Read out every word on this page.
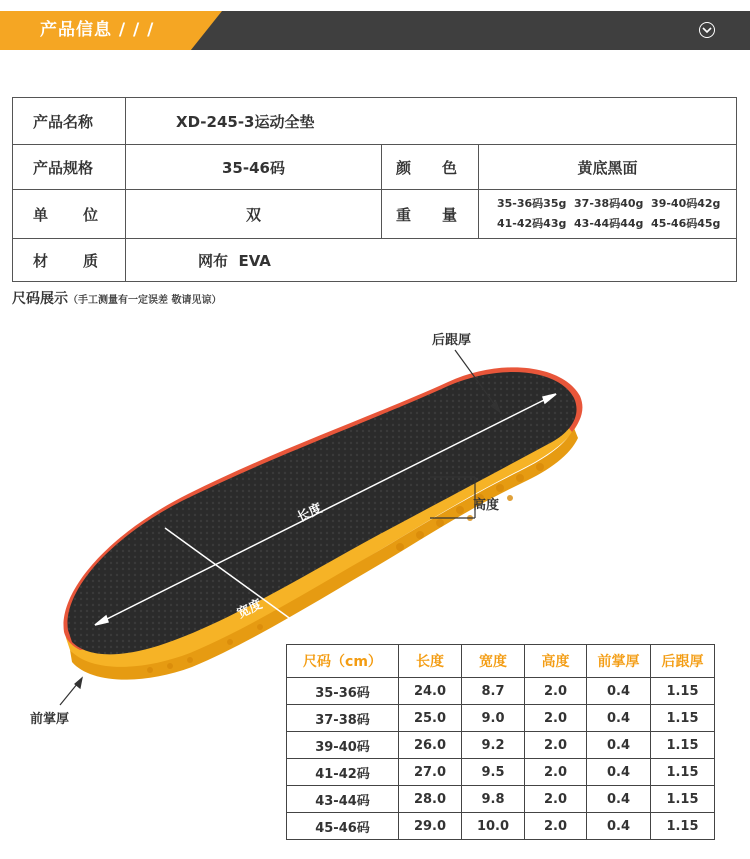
产品信息 / / /
产品名称	XD-245-3运动全垫		
产品规格	35-46码	颜 色	黄底黑面
单 位	双	重 量	35-36码35g  37-38码40g  39-40码42g
41-42码43g  43-44码44g  45-46码45g

材 质	网布  EVA		
尺码展示（手工测量有一定误差 敬请见谅）
后跟厚
高度
长度
宽度
前掌厚
尺码（cm）	长度	宽度	高度	前掌厚	后跟厚
35-36码	24.0	8.7	2.0	0.4	1.15
37-38码	25.0	9.0	2.0	0.4	1.15
39-40码	26.0	9.2	2.0	0.4	1.15
41-42码	27.0	9.5	2.0	0.4	1.15
43-44码	28.0	9.8	2.0	0.4	1.15
45-46码	29.0	10.0	2.0	0.4	1.15
